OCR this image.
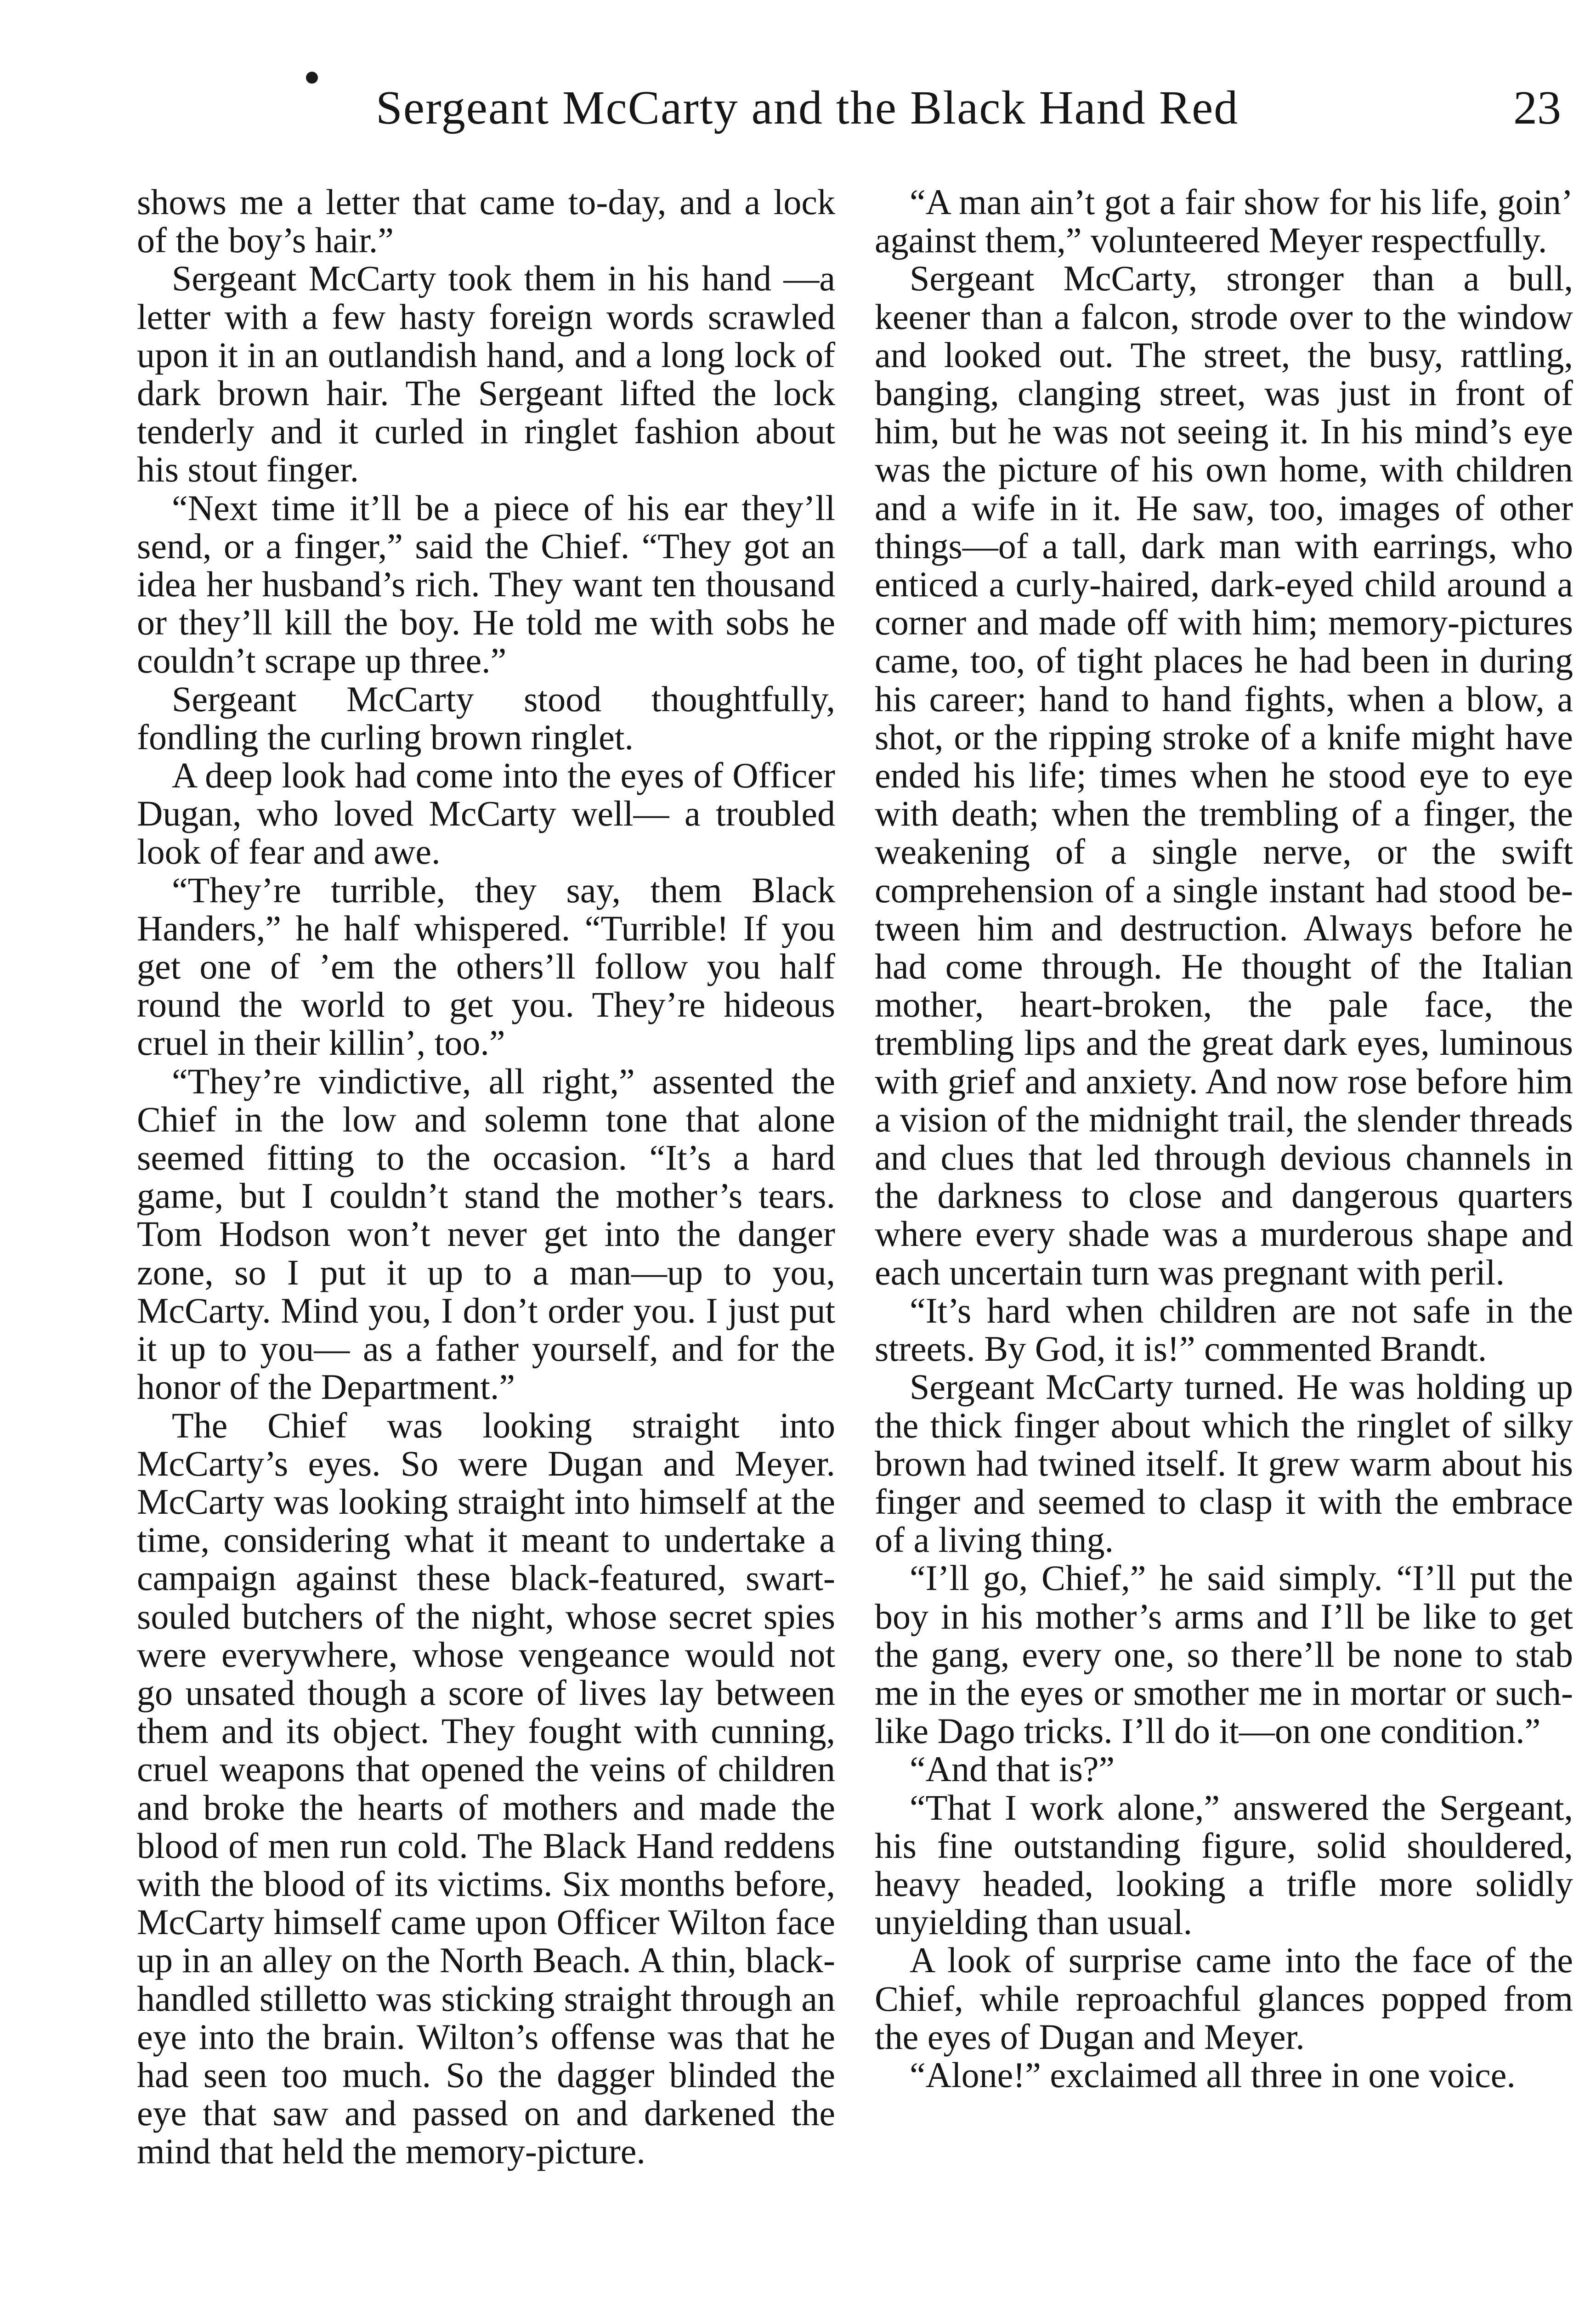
Sergeant McCarty and the Black Hand Red	23

shows me a letter that came to-day, and a lock of the boy’s hair.”

Sergeant McCarty took them in his hand —a letter with a few hasty foreign words scrawled upon it in an outlandish hand, and a long lock of dark brown hair. The Sergeant lifted the lock tenderly and it curled in ringlet fashion about his stout finger.

“Next time it’ll be a piece of his ear they’ll send, or a finger,” said the Chief. “They got an idea her husband’s rich. They want ten thousand or they’ll kill the boy. He told me with sobs he couldn’t scrape up three.”

Sergeant McCarty stood thoughtfully, fondling the curling brown ringlet.

A deep look had come into the eyes of Officer Dugan, who loved McCarty well— a troubled look of fear and awe.

“They’re turrible, they say, them Black Handers,” he half whispered. “Turrible! If you get one of ’em the others’ll follow you half round the world to get you. They’re hideous cruel in their killin’, too.”

“They’re vindictive, all right,” assented the Chief in the low and solemn tone that alone seemed fitting to the occasion. “It’s a hard game, but I couldn’t stand the mother’s tears. Tom Hodson won’t never get into the danger zone, so I put it up to a man—up to you, McCarty. Mind you, I don’t order you. I just put it up to you— as a father yourself, and for the honor of the Department.”

The Chief was looking straight into McCarty’s eyes. So were Dugan and Meyer. McCarty was looking straight into himself at the time, considering what it meant to undertake a campaign against these black-featured, swart-souled butchers of the night, whose secret spies were everywhere, whose vengeance would not go unsated though a score of lives lay between them and its object. They fought with cunning, cruel weapons that opened the veins of children and broke the hearts of mothers and made the blood of men run cold. The Black Hand reddens with the blood of its victims. Six months before, McCarty himself came upon Officer Wilton face up in an alley on the North Beach. A thin, black-handled stilletto was sticking straight through an eye into the brain. Wilton’s offense was that he had seen too much. So the dagger blinded the eye that saw and passed on and darkened the mind that held the memory-picture.

“A man ain’t got a fair show for his life, goin’ against them,” volunteered Meyer respectfully.

Sergeant McCarty, stronger than a bull, keener than a falcon, strode over to the window and looked out. The street, the busy, rattling, banging, clanging street, was just in front of him, but he was not seeing it. In his mind’s eye was the picture of his own home, with children and a wife in it. He saw, too, images of other things—of a tall, dark man with earrings, who enticed a curly-haired, dark-eyed child around a corner and made off with him; memory-pictures came, too, of tight places he had been in during his career; hand to hand fights, when a blow, a shot, or the ripping stroke of a knife might have ended his life; times when he stood eye to eye with death; when the trembling of a finger, the weakening of a single nerve, or the swift comprehension of a single instant had stood between him and destruction. Always before he had come through. He thought of the Italian mother, heart-broken, the pale face, the trembling lips and the great dark eyes, luminous with grief and anxiety. And now rose before him a vision of the midnight trail, the slender threads and clues that led through devious channels in the darkness to close and dangerous quarters where every shade was a murderous shape and each uncertain turn was pregnant with peril.

“It’s hard when children are not safe in the streets. By God, it is!” commented Brandt.

Sergeant McCarty turned. He was holding up the thick finger about which the ringlet of silky brown had twined itself. It grew warm about his finger and seemed to clasp it with the embrace of a living thing.

“I’ll go, Chief,” he said simply. “I’ll put the boy in his mother’s arms and I’ll be like to get the gang, every one, so there’ll be none to stab me in the eyes or smother me in mortar or such-like Dago tricks. I’ll do it—on one condition.”

“And that is?”

“That I work alone,” answered the Sergeant, his fine outstanding figure, solid shouldered, heavy headed, looking a trifle more solidly unyielding than usual.

A look of surprise came into the face of the Chief, while reproachful glances popped from the eyes of Dugan and Meyer.

“Alone!” exclaimed all three in one voice.
